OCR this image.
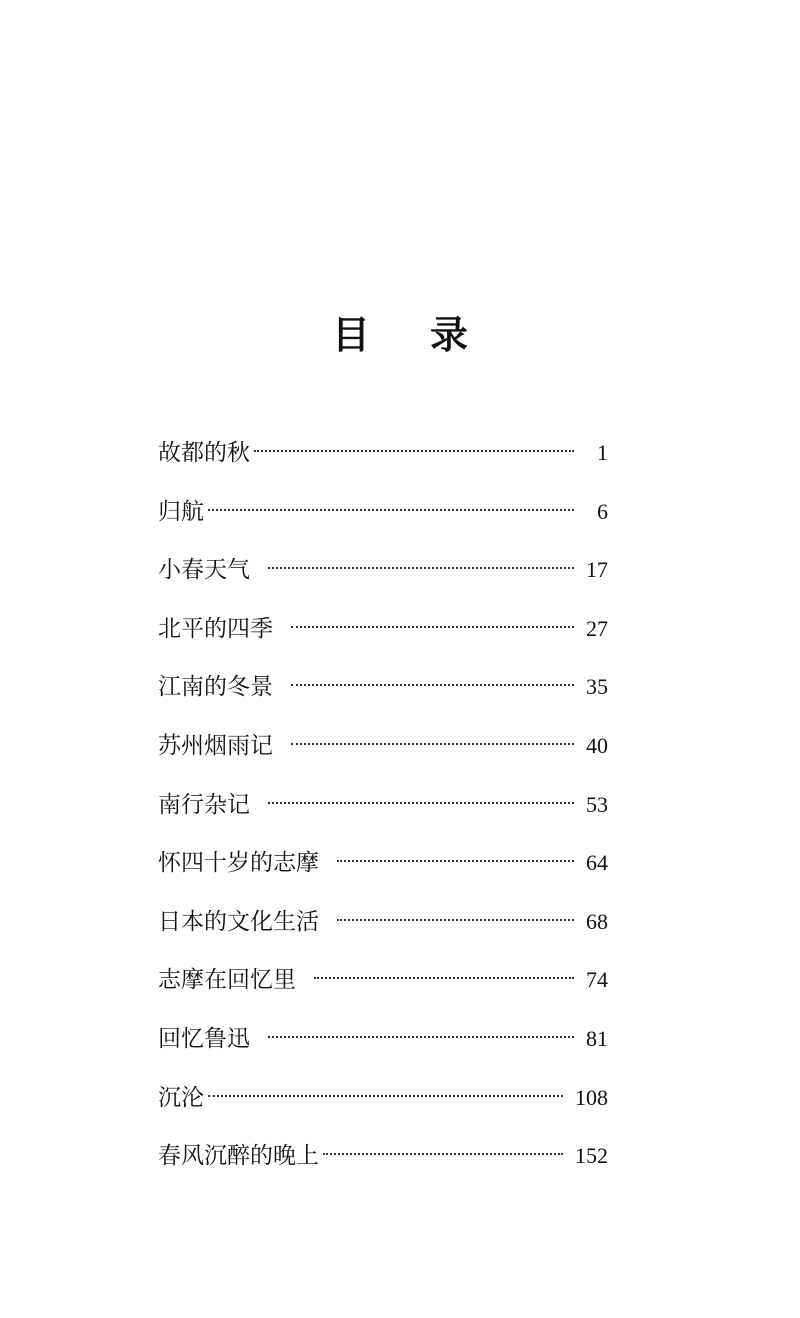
目 录
故都的秋	1
归航	6
小春天气	17
北平的四季	27
江南的冬景	35
苏州烟雨记	40
南行杂记	53
怀四十岁的志摩	64
日本的文化生活	68
志摩在回忆里	74
回忆鲁迅	81
沉沦	108
春风沉醉的晚上	152
